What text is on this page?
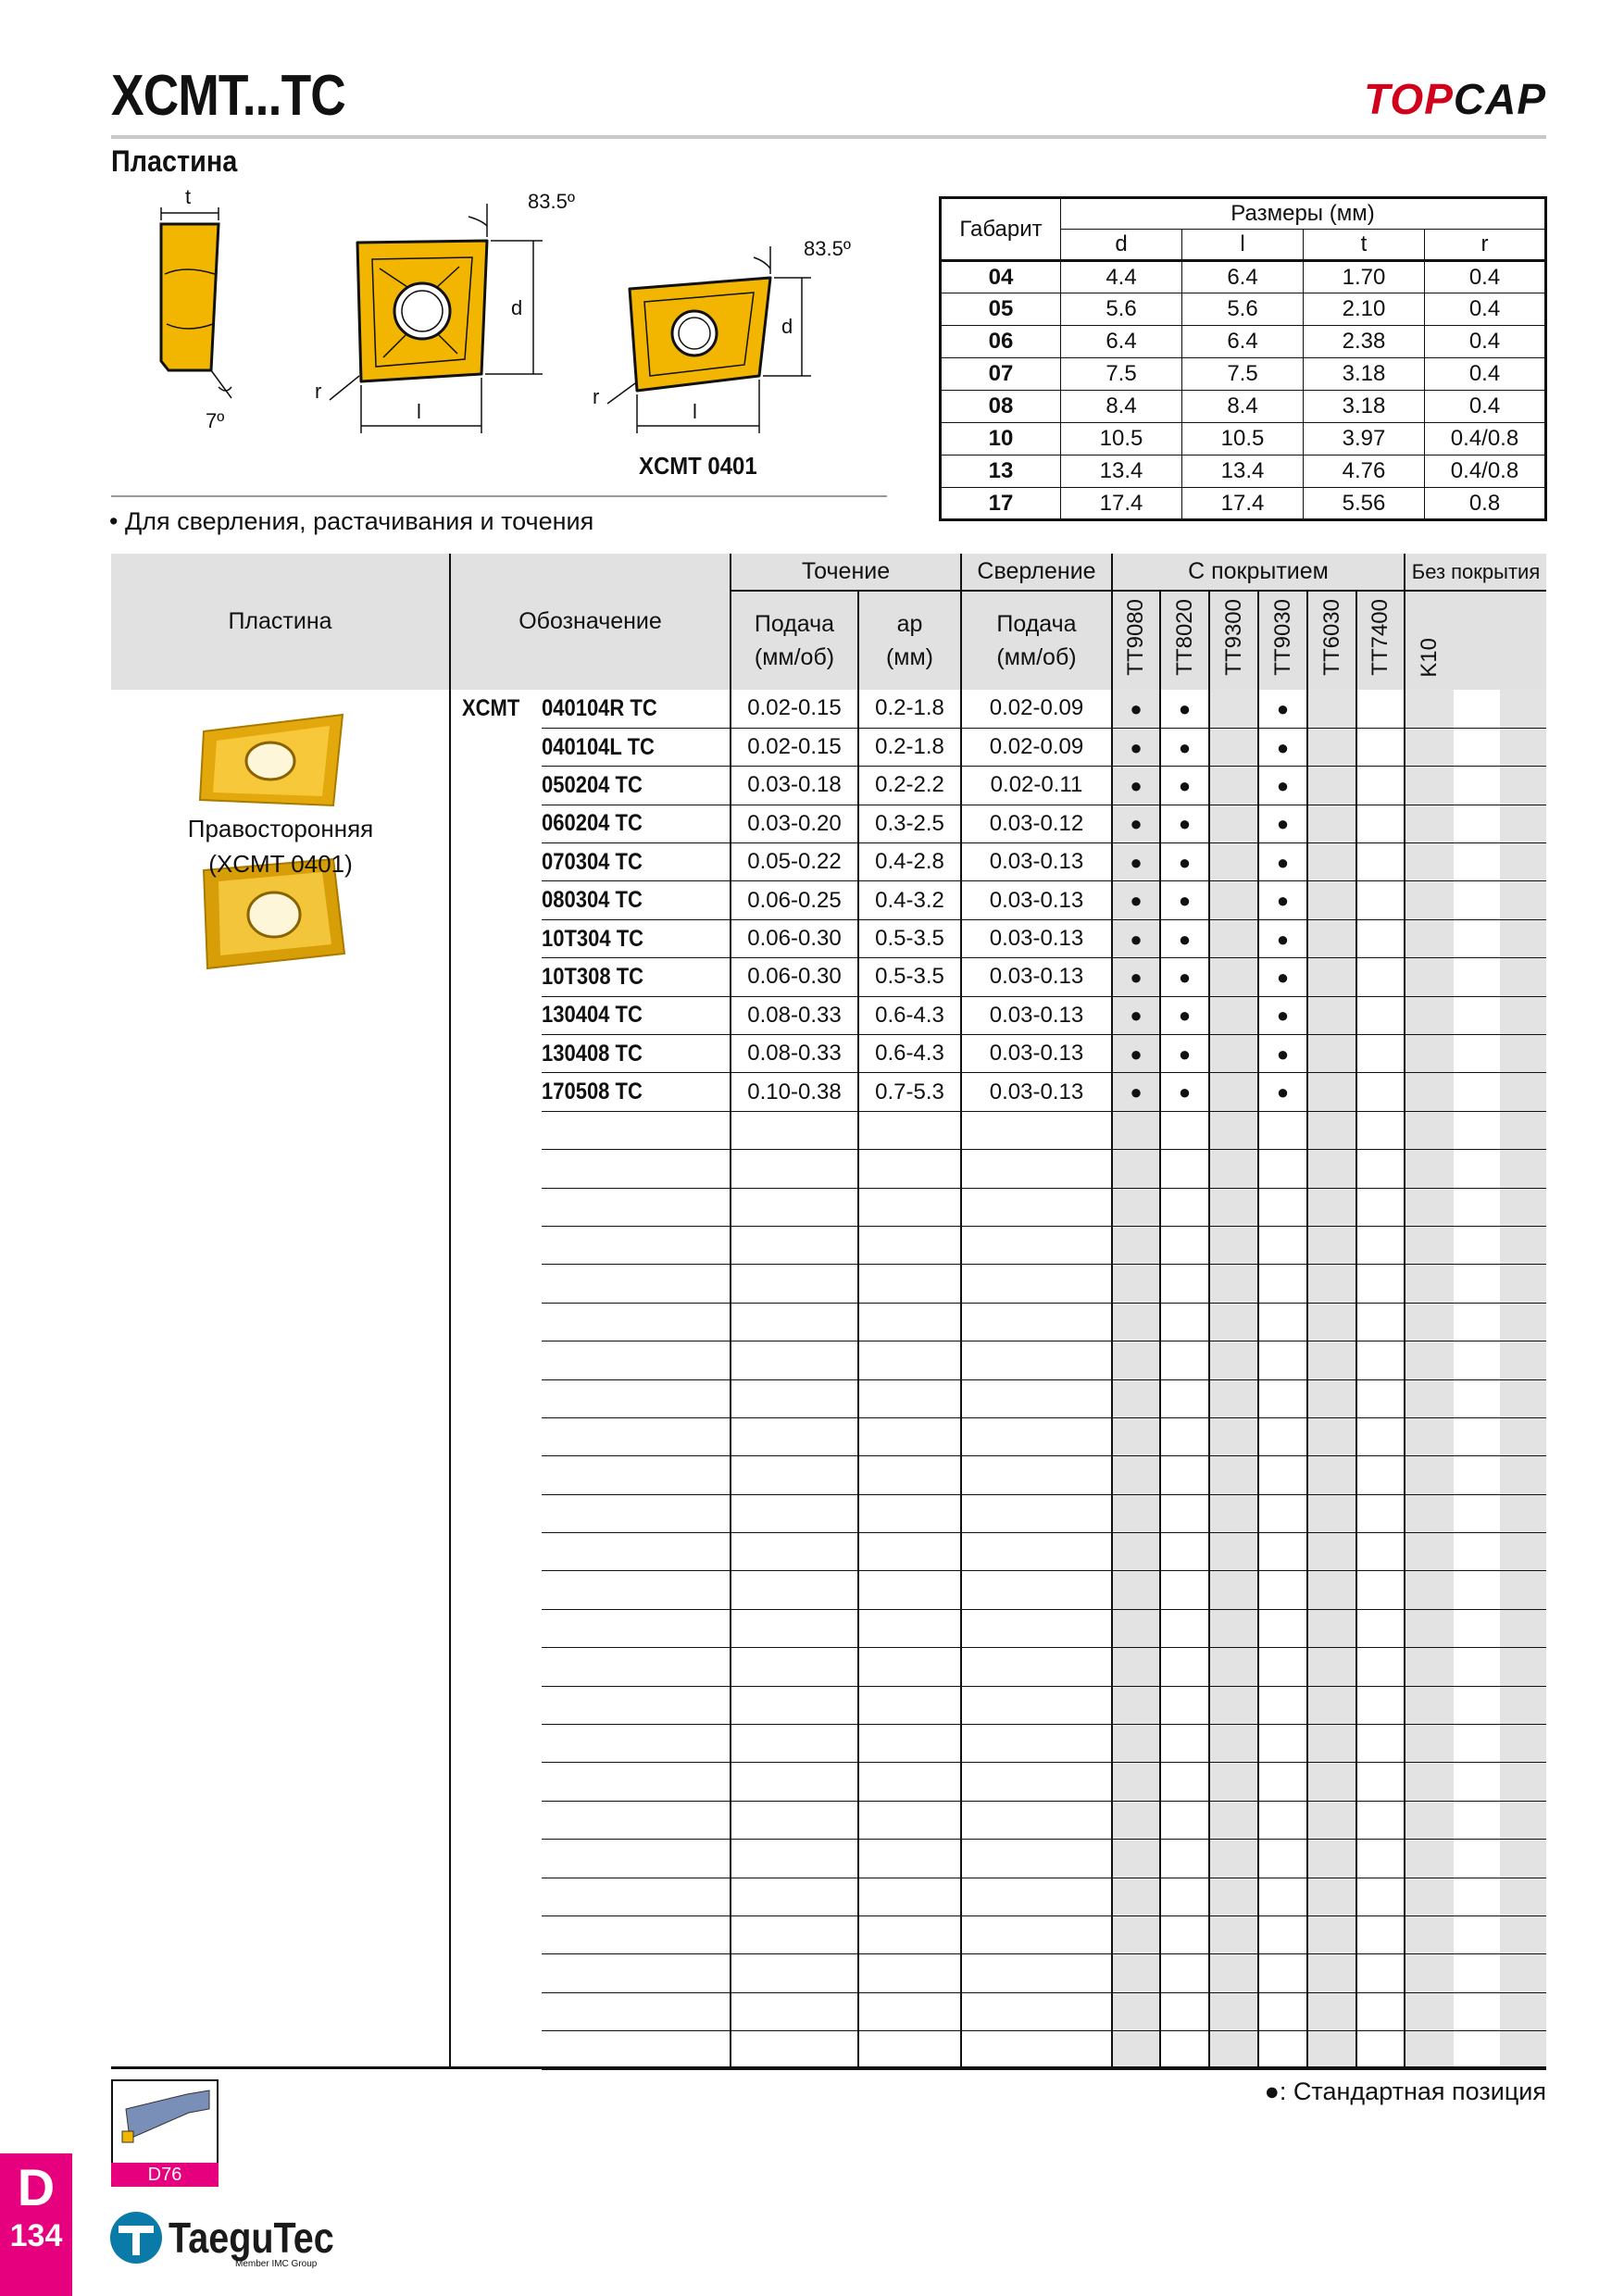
XCMT...TC	TOPCAP
Пластина
t
7º
83.5º
d
l
r
83.5º
d
l
r
XCMT 0401
• Для сверления, растачивания и точения
Габарит	Размеры (мм)			
	d	l	t	r
04	4.4	6.4	1.70	0.4
05	5.6	5.6	2.10	0.4
06	6.4	6.4	2.38	0.4
07	7.5	7.5	3.18	0.4
08	8.4	8.4	3.18	0.4
10	10.5	10.5	3.97	0.4/0.8
13	13.4	13.4	4.76	0.4/0.8
17	17.4	17.4	5.56	0.8
Пластина	Обозначение		Точение		Сверление	С покрытием						Без покрытия		
			Подача (мм/об)	ap (мм)	Подача (мм/об)	TT9080	TT8020	TT9300	TT9030	TT6030	TT7400	K10		
	XCMT	040104R TC	0.02-0.15	0.2-1.8	0.02-0.09	●	●		●					
		040104L TC	0.02-0.15	0.2-1.8	0.02-0.09	●	●		●					
		050204 TC	0.03-0.18	0.2-2.2	0.02-0.11	●	●		●					
		060204 TC	0.03-0.20	0.3-2.5	0.03-0.12	●	●		●					
		070304 TC	0.05-0.22	0.4-2.8	0.03-0.13	●	●		●					
		080304 TC	0.06-0.25	0.4-3.2	0.03-0.13	●	●		●					
		10T304 TC	0.06-0.30	0.5-3.5	0.03-0.13	●	●		●					
		10T308 TC	0.06-0.30	0.5-3.5	0.03-0.13	●	●		●					
		130404 TC	0.08-0.33	0.6-4.3	0.03-0.13	●	●		●					
		130408 TC	0.08-0.33	0.6-4.3	0.03-0.13	●	●		●					
		170508 TC	0.10-0.38	0.7-5.3	0.03-0.13	●	●		●					

Правосторонняя
(XCMT 0401)
●: Стандартная позиция
D76
D
134 TaeguTec
Member IMC Group
